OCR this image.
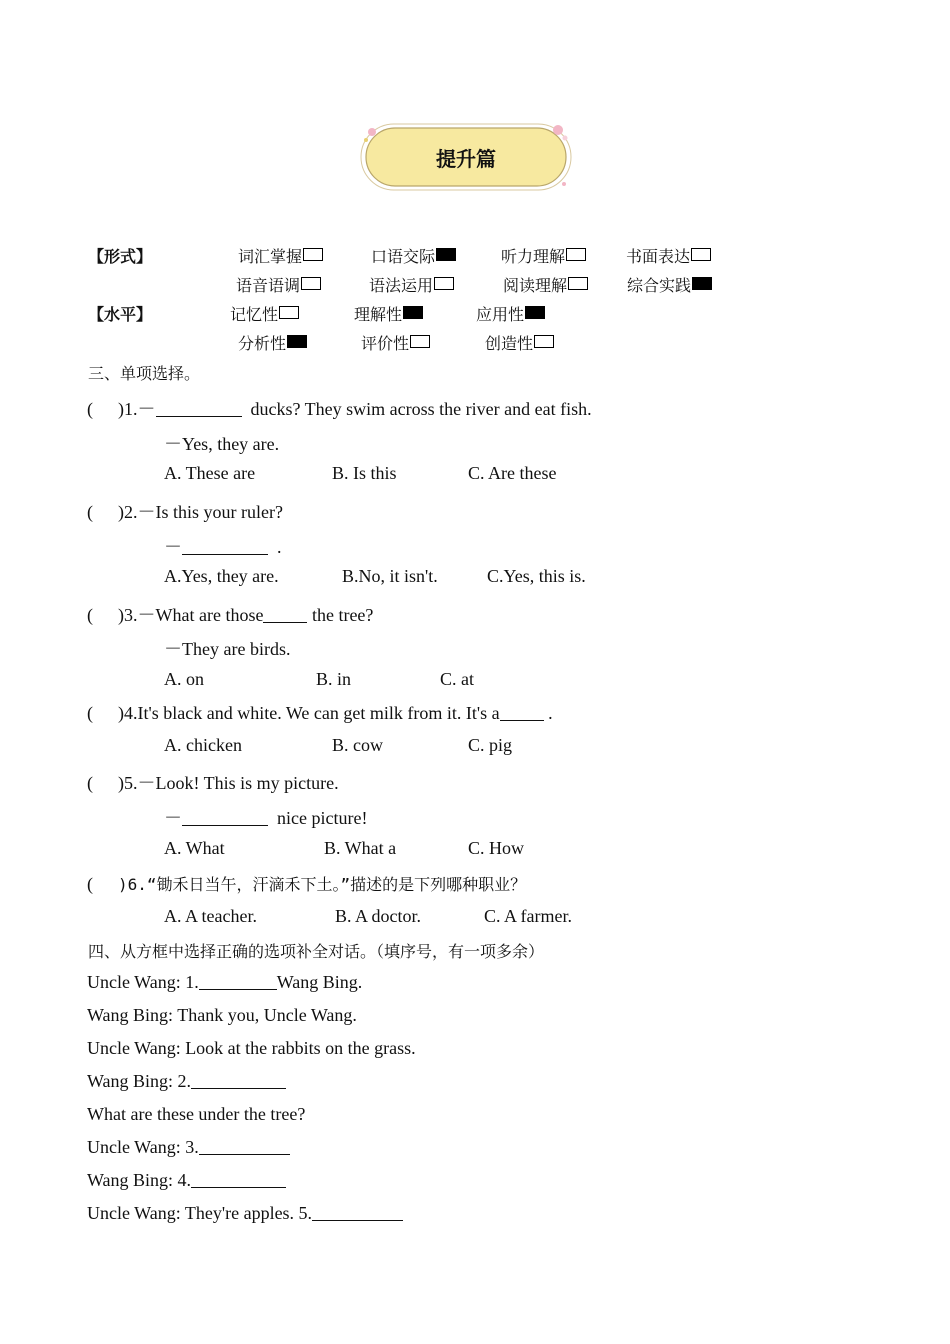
提升篇
【形式】
【水平】
词汇掌握	口语交际	听力理解	书面表达
语音语调	语法运用	阅读理解	综合实践
记忆性	理解性	应用性
分析性	评价性	创造性
三、单项选择。
( )1.－	ducks? They swim across the river and eat fish.
－Yes, they are.
A. These are	B. Is this	C. Are these
( )2.－Is this your ruler?
－	.
A.Yes, they are.	B.No, it isn't.	C.Yes, this is.
( )3.－What are those	the tree?
－They are birds.
A. on	B. in	C. at
( )4.It's black and white. We can get milk from it. It's a	.
A. chicken	B. cow	C. pig
( )5.－Look! This is my picture.
－	nice picture!
A. What	B. What a	C. How
( )6.“锄禾日当午，汗滴禾下土。”描述的是下列哪种职业？
A. A teacher.	B. A doctor.	C. A farmer.
四、从方框中选择正确的选项补全对话。（填序号，有一项多余）
Uncle Wang: 1.	Wang Bing.
Wang Bing: Thank you, Uncle Wang.
Uncle Wang: Look at the rabbits on the grass.
Wang Bing: 2.
What are these under the tree?
Uncle Wang: 3.
Wang Bing: 4.
Uncle Wang: They're apples. 5.
